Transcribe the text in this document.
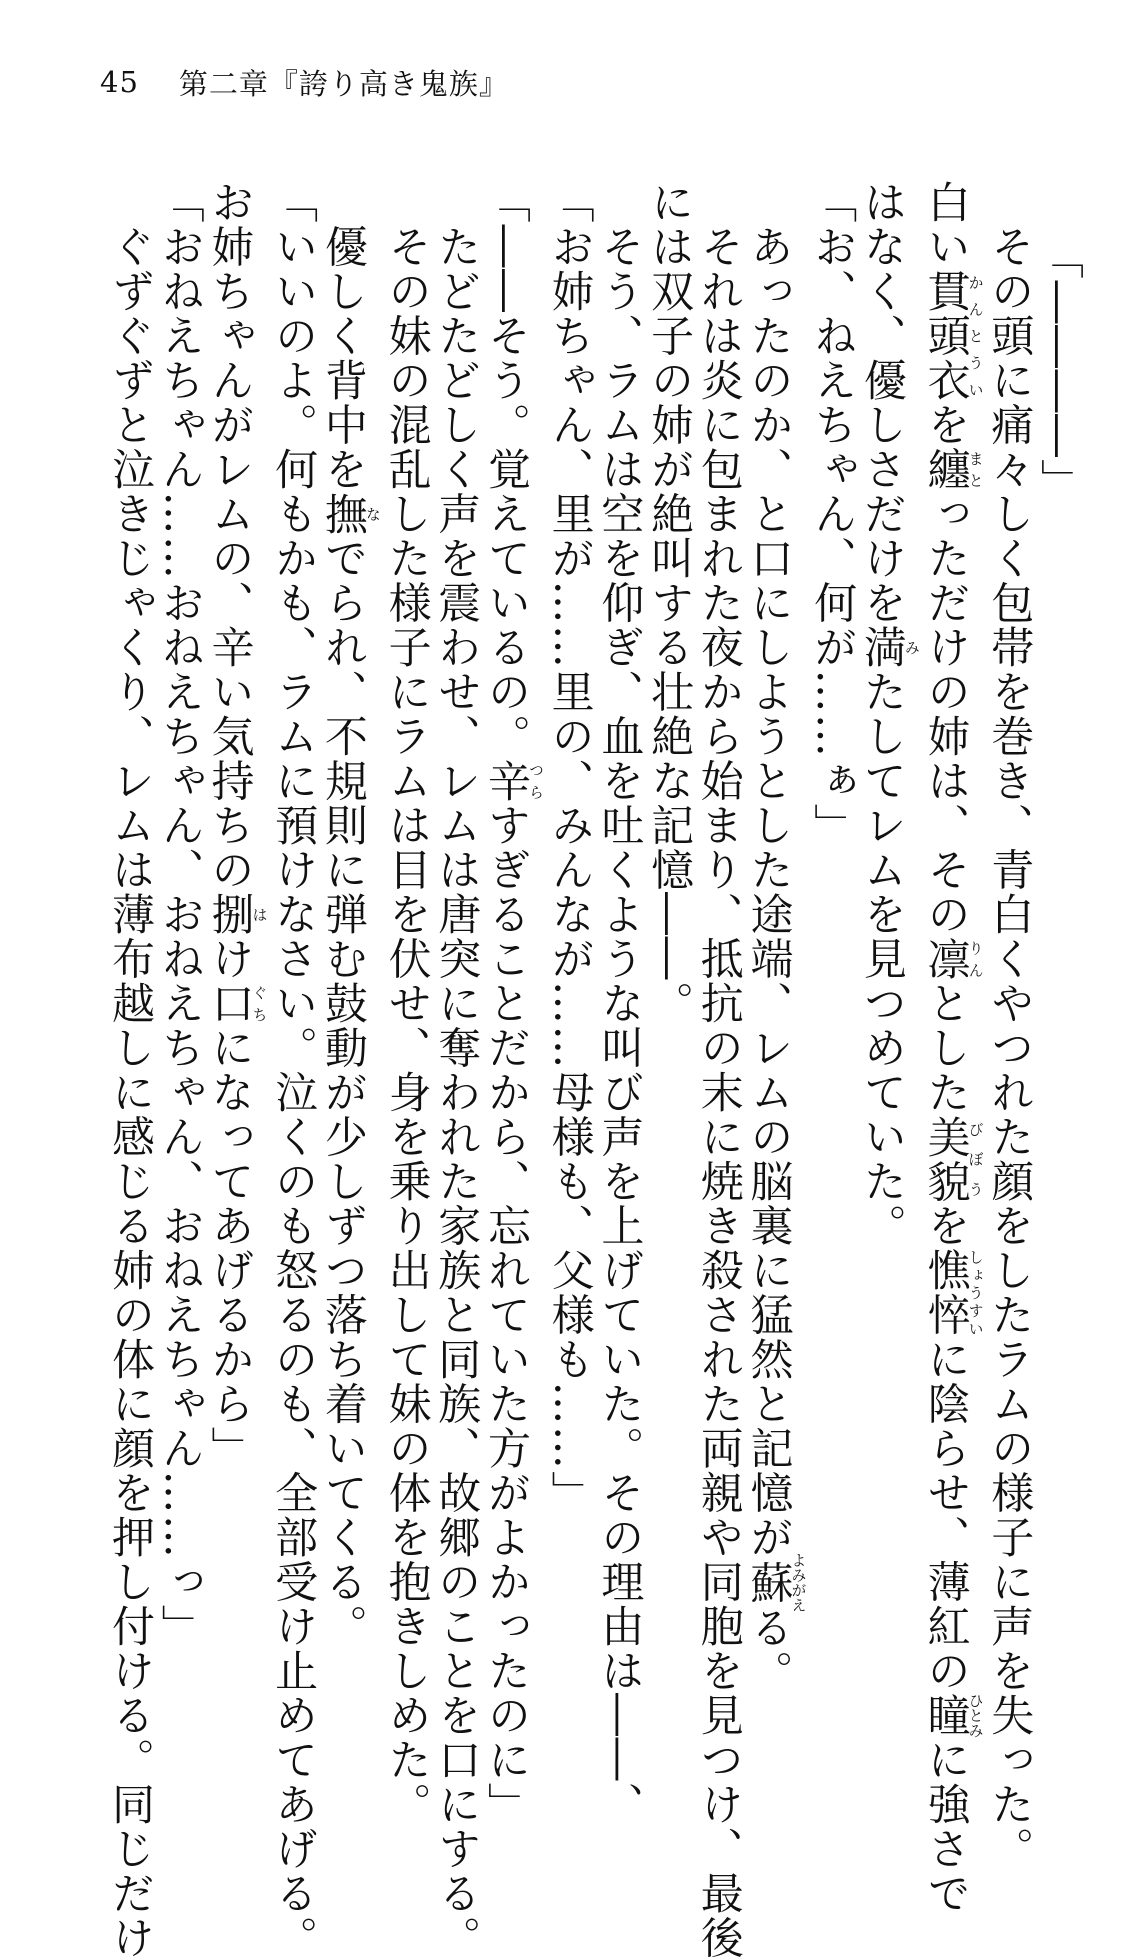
45 第二章 『誇り高き鬼族』
「――――」
　その頭に痛々しく包帯を巻き、青白くやつれた顔をしたラムの様子に声を失った。
白い貫頭衣かんとういを纏まとっただけの姉は、その凛りんとした美貌びぼうを憔悴しょうすいに陰らせ、薄紅の瞳ひとみに強さで
はなく、優しさだけを満みたしてレムを見つめていた。
「お、ねえちゃん、何が……ぁ」
　あったのか、と口にしようとした途端、レムの脳裏に猛然と記憶が蘇よみがえる。
　それは炎に包まれた夜から始まり、抵抗の末に焼き殺された両親や同胞を見つけ、最後
には双子の姉が絶叫する壮絶な記憶――。
　そう、ラムは空を仰ぎ、血を吐くような叫び声を上げていた。その理由は――、
「お姉ちゃん、里が……里の、みんなが……母様も、父様も……」
「――そう。覚えているの。辛つらすぎることだから、忘れていた方がよかったのに」
　たどたどしく声を震わせ、レムは唐突に奪われた家族と同族、故郷のことを口にする。
　その妹の混乱した様子にラムは目を伏せ、身を乗り出して妹の体を抱きしめた。
　優しく背中を撫なでられ、不規則に弾む鼓動が少しずつ落ち着いてくる。
「いいのよ。何もかも、ラムに預けなさい。泣くのも怒るのも、全部受け止めてあげる。
お姉ちゃんがレムの、辛い気持ちの捌はけ口ぐちになってあげるから」
「おねえちゃん……おねえちゃん、おねえちゃん、おねえちゃん……っ」
　ぐずぐずと泣きじゃくり、レムは薄布越しに感じる姉の体に顔を押し付ける。同じだけ
